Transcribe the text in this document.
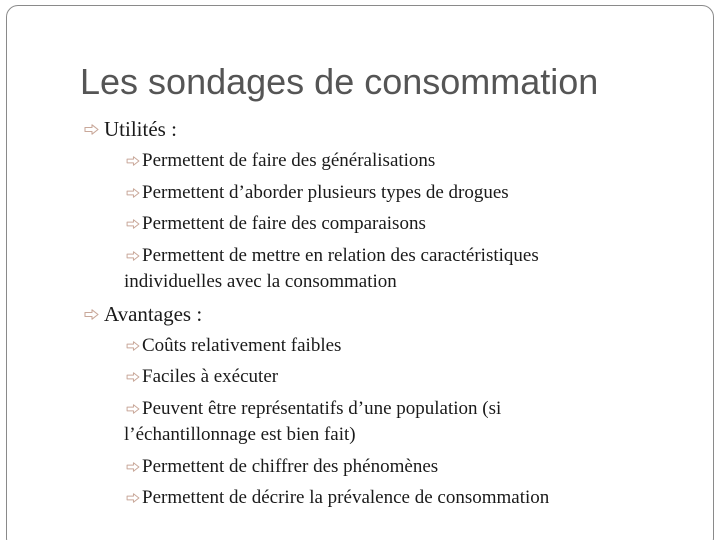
Les sondages de consommation
Utilités :
Permettent de faire des généralisations
Permettent d’aborder plusieurs types de drogues
Permettent de faire des comparaisons
Permettent de mettre en relation des caractéristiques
individuelles avec la consommation
Avantages :
Coûts relativement faibles
Faciles à exécuter
Peuvent être représentatifs d’une population (si
l’échantillonnage est bien fait)
Permettent de chiffrer des phénomènes
Permettent de décrire la prévalence de consommation
